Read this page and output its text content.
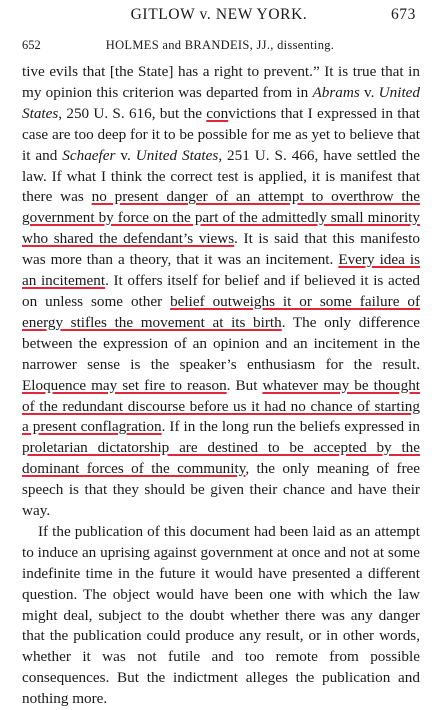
GITLOW v. NEW YORK.	673
652	HOLMES and BRANDEIS, JJ., dissenting.

tive evils that [the State] has a right to prevent.” It is true that in my opinion this criterion was departed from in Abrams v. United States, 250 U. S. 616, but the convictions that I expressed in that case are too deep for it to be possible for me as yet to believe that it and Schaefer v. United States, 251 U. S. 466, have settled the law. If what I think the correct test is applied, it is manifest that there was no present danger of an attempt to overthrow the government by force on the part of the admittedly small minority who shared the defendant’s views. It is said that this manifesto was more than a theory, that it was an incitement. Every idea is an incitement. It offers itself for belief and if believed it is acted on unless some other belief outweighs it or some failure of energy stifles the movement at its birth. The only difference between the expression of an opinion and an incitement in the narrower sense is the speaker’s enthusiasm for the result. Eloquence may set fire to reason. But whatever may be thought of the redundant discourse before us it had no chance of starting a present conflagration. If in the long run the beliefs expressed in proletarian dictatorship are destined to be accepted by the dominant forces of the community, the only meaning of free speech is that they should be given their chance and have their way.

If the publication of this document had been laid as an attempt to induce an uprising against government at once and not at some indefinite time in the future it would have presented a different question. The object would have been one with which the law might deal, subject to the doubt whether there was any danger that the publication could produce any result, or in other words, whether it was not futile and too remote from possible consequences. But the indictment alleges the publication and nothing more.
